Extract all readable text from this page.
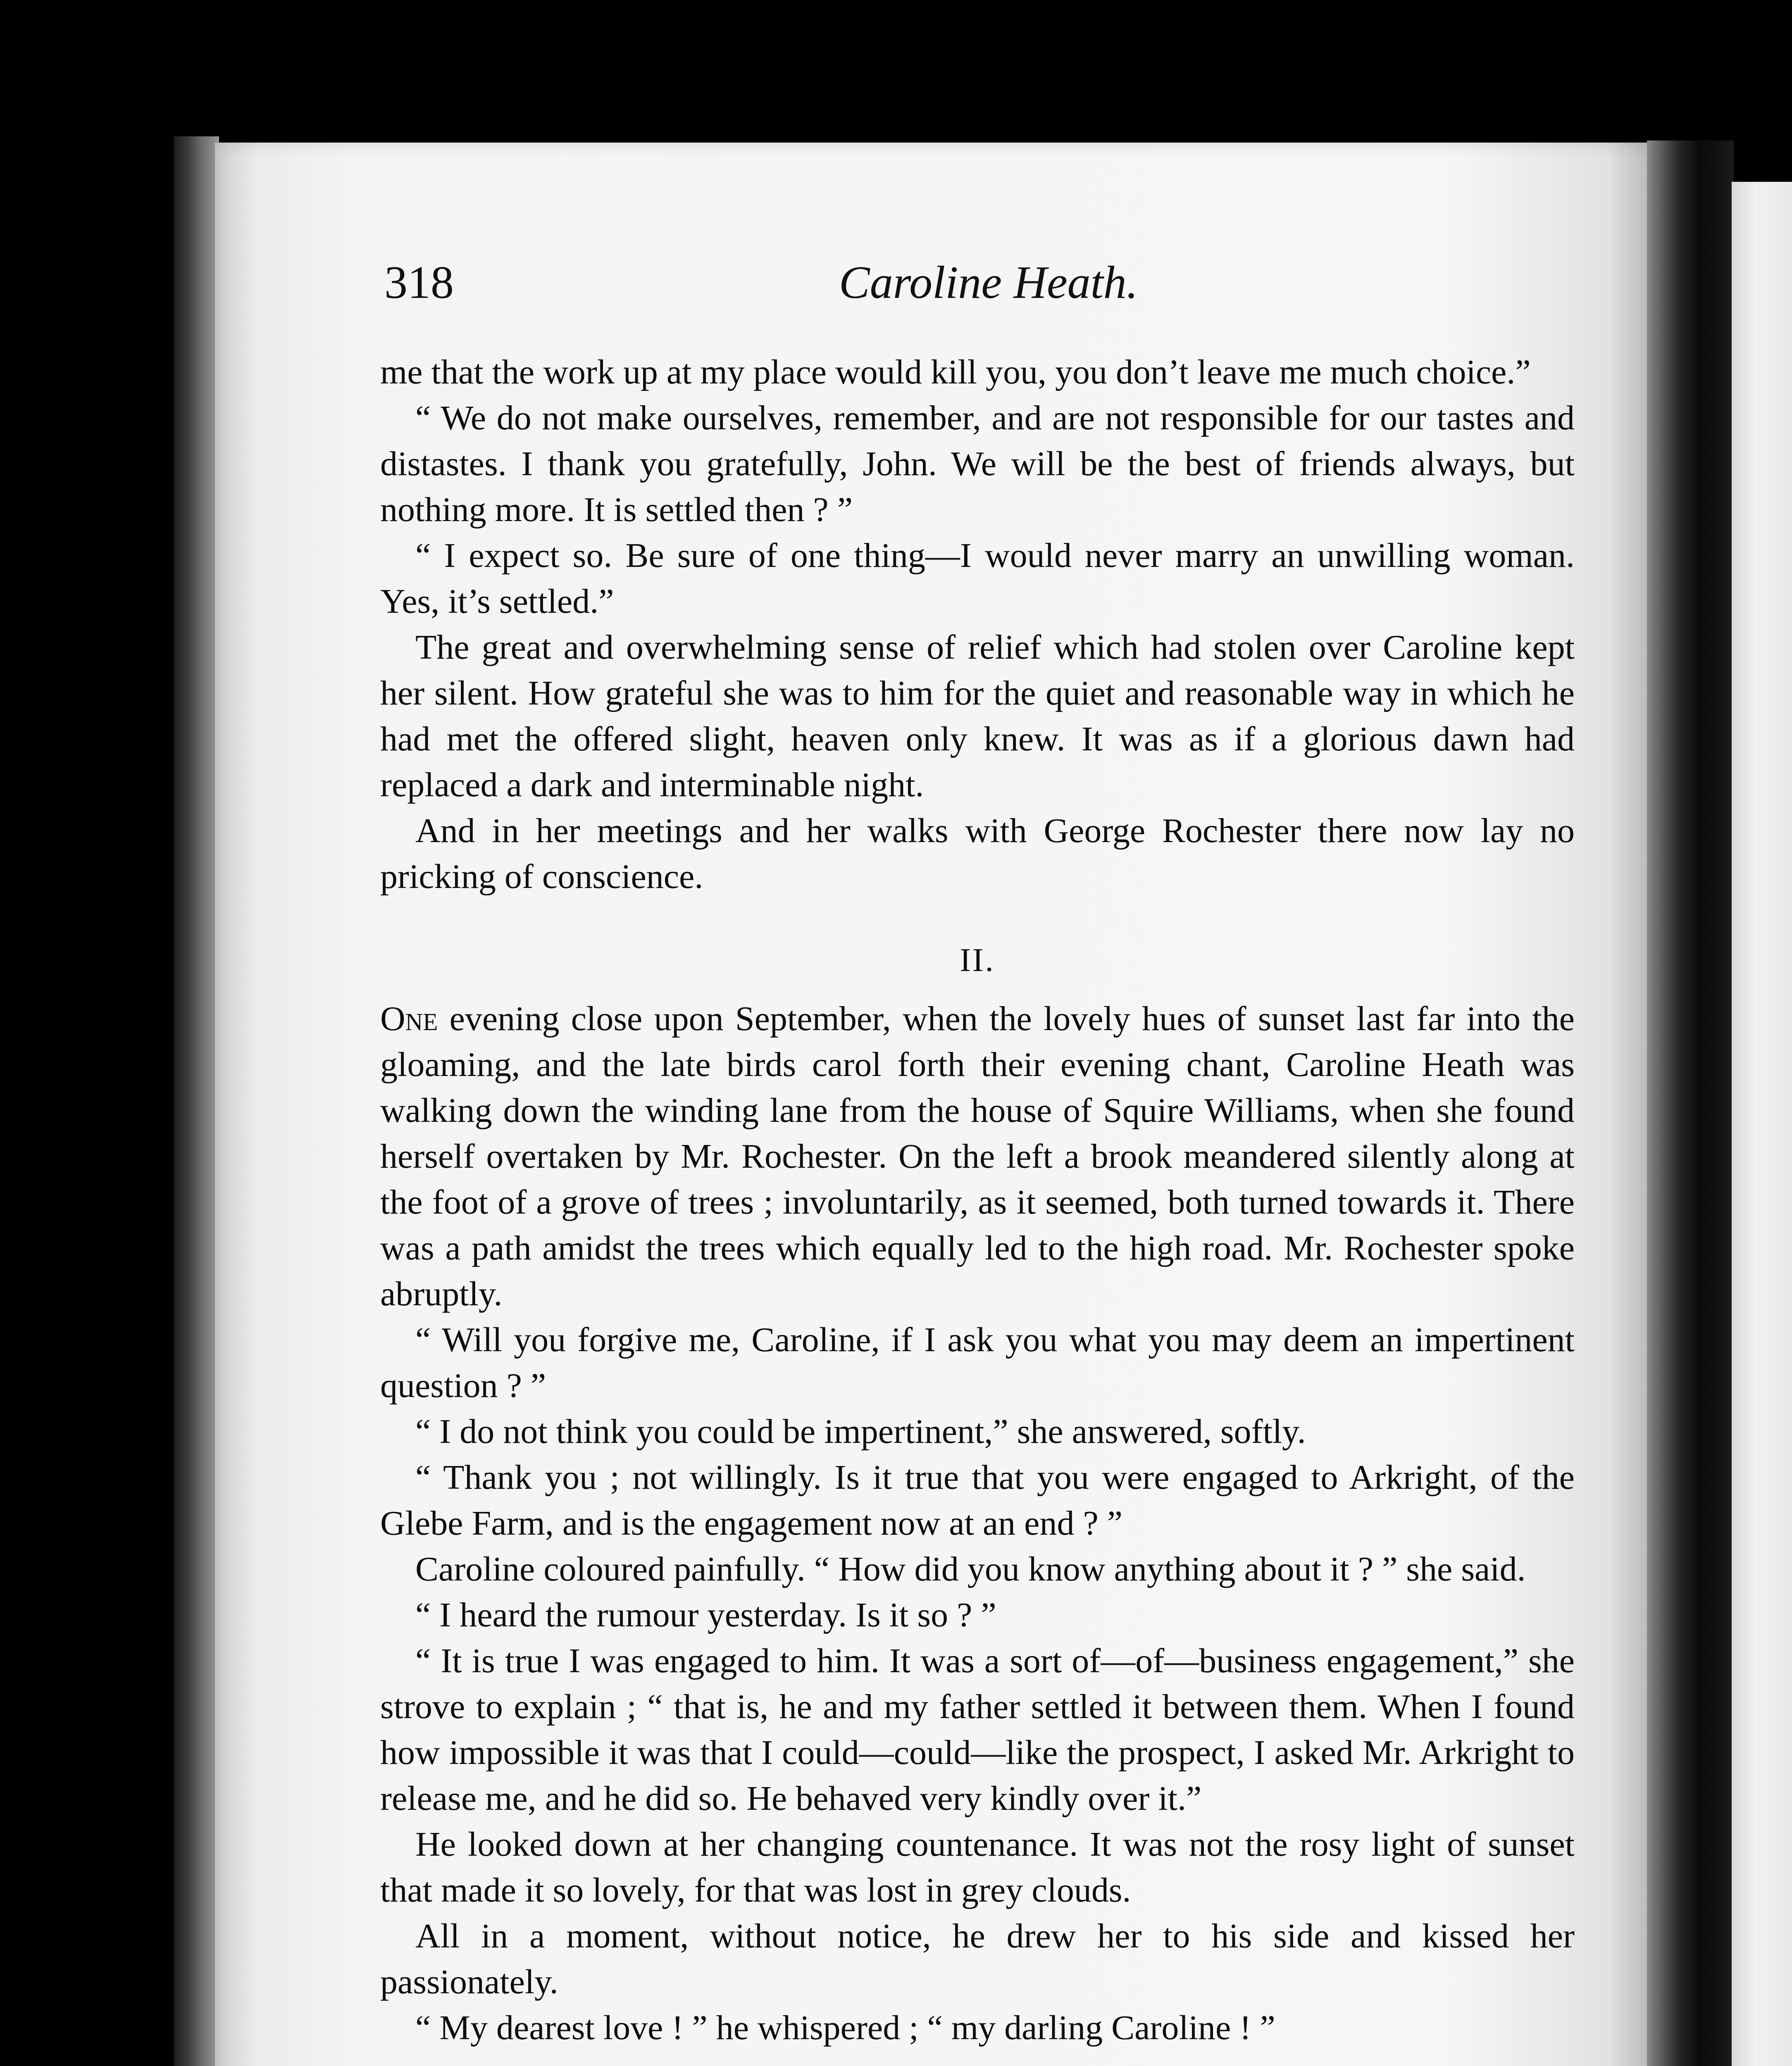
318	Caroline Heath.

me that the work up at my place would kill you, you don’t leave me much choice.”

“ We do not make ourselves, remember, and are not responsible for our tastes and distastes. I thank you gratefully, John. We will be the best of friends always, but nothing more. It is settled then ? ”

“ I expect so. Be sure of one thing—I would never marry an unwilling woman. Yes, it’s settled.”

The great and overwhelming sense of relief which had stolen over Caroline kept her silent. How grateful she was to him for the quiet and reasonable way in which he had met the offered slight, heaven only knew. It was as if a glorious dawn had replaced a dark and interminable night.

And in her meetings and her walks with George Rochester there now lay no pricking of conscience.

II.

One evening close upon September, when the lovely hues of sunset last far into the gloaming, and the late birds carol forth their evening chant, Caroline Heath was walking down the winding lane from the house of Squire Williams, when she found herself overtaken by Mr. Rochester. On the left a brook meandered silently along at the foot of a grove of trees ; involuntarily, as it seemed, both turned towards it. There was a path amidst the trees which equally led to the high road. Mr. Rochester spoke abruptly.

“ Will you forgive me, Caroline, if I ask you what you may deem an impertinent question ? ”

“ I do not think you could be impertinent,” she answered, softly.

“ Thank you ; not willingly. Is it true that you were engaged to Arkright, of the Glebe Farm, and is the engagement now at an end ? ”

Caroline coloured painfully. “ How did you know anything about it ? ” she said.

“ I heard the rumour yesterday. Is it so ? ”

“ It is true I was engaged to him. It was a sort of—of—business engagement,” she strove to explain ; “ that is, he and my father settled it between them. When I found how impossible it was that I could—could—like the prospect, I asked Mr. Arkright to release me, and he did so. He behaved very kindly over it.”

He looked down at her changing countenance. It was not the rosy light of sunset that made it so lovely, for that was lost in grey clouds.

All in a moment, without notice, he drew her to his side and kissed her passionately.

“ My dearest love ! ” he whispered ; “ my darling Caroline ! ”
